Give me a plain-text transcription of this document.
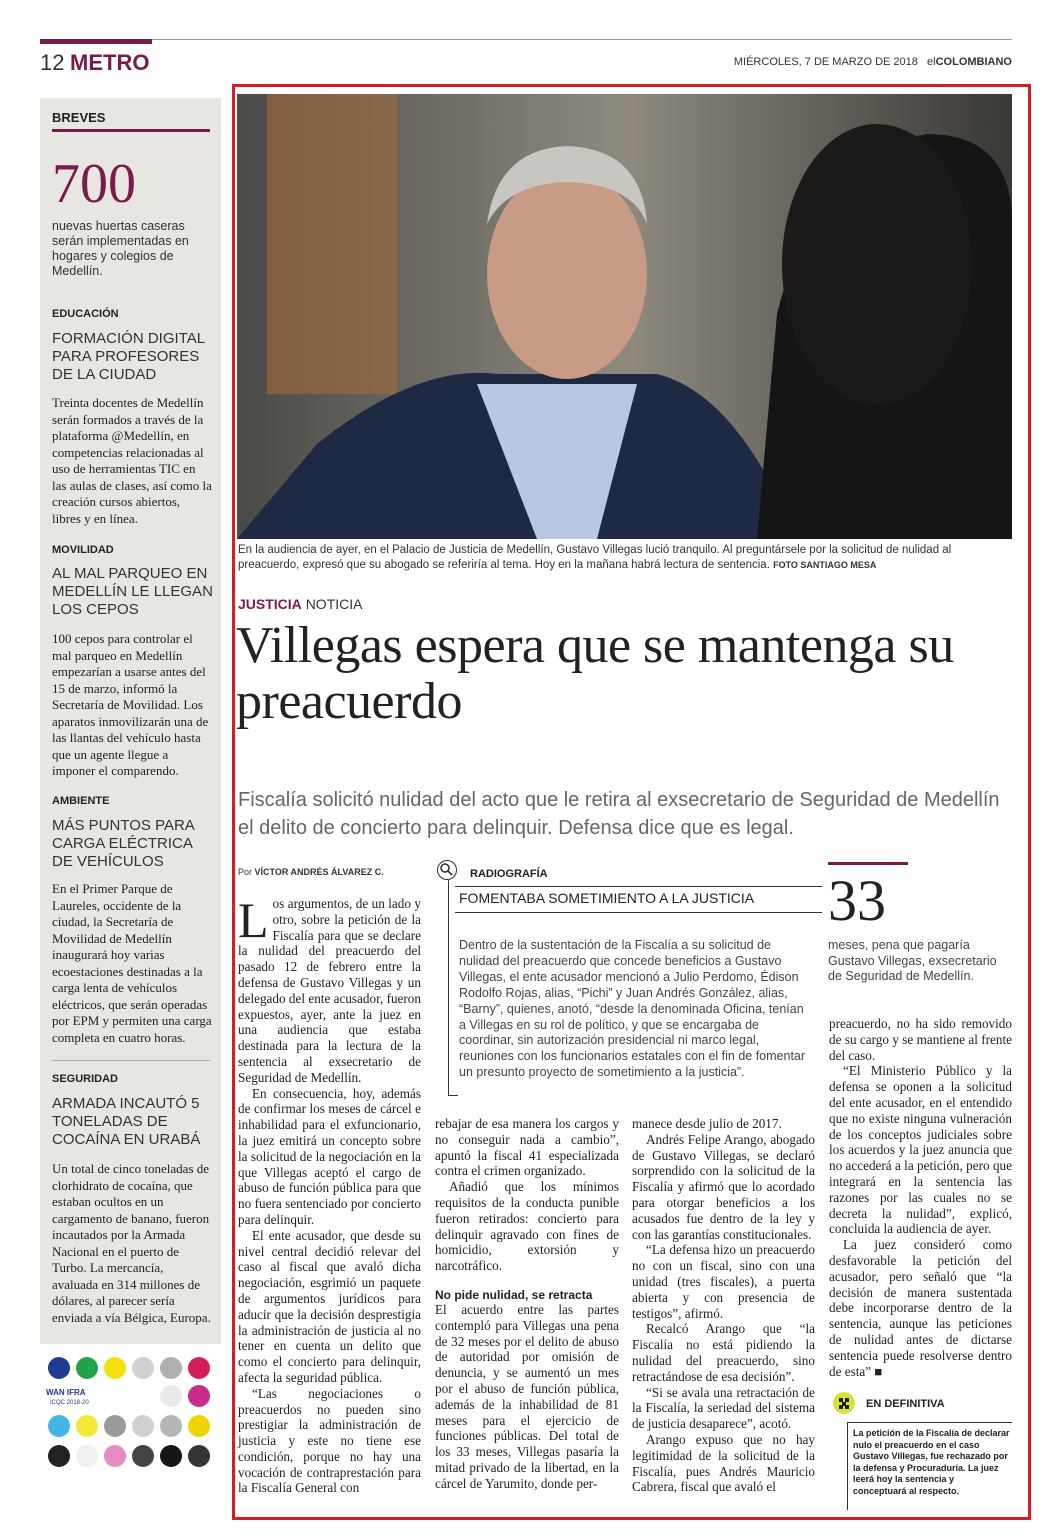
12 METRO	MIÉRCOLES, 7 DE MARZO DE 2018 elCOLOMBIANO
BREVES
700
nuevas huertas caseras serán implementadas en hogares y colegios de Medellín.
EDUCACIÓN
FORMACIÓN DIGITAL PARA PROFESORES DE LA CIUDAD
Treinta docentes de Medellín serán formados a través de la plataforma @Medellín, en competencias relacionadas al uso de herramientas TIC en las aulas de clases, así como la creación cursos abiertos, libres y en línea.
MOVILIDAD
AL MAL PARQUEO EN MEDELLÍN LE LLEGAN LOS CEPOS
100 cepos para controlar el mal parqueo en Medellín empezarían a usarse antes del 15 de marzo, informó la Secretaría de Movilidad. Los aparatos inmovilizarán una de las llantas del vehículo hasta que un agente llegue a imponer el comparendo.
AMBIENTE
MÁS PUNTOS PARA CARGA ELÉCTRICA DE VEHÍCULOS
En el Primer Parque de Laureles, occidente de la ciudad, la Secretaría de Movilidad de Medellín inaugurará hoy varias ecoestaciones destinadas a la carga lenta de vehículos eléctricos, que serán operadas por EPM y permiten una carga completa en cuatro horas.
SEGURIDAD
ARMADA INCAUTÓ 5 TONELADAS DE COCAÍNA EN URABÁ
Un total de cinco toneladas de clorhidrato de cocaína, que estaban ocultos en un cargamento de banano, fueron incautados por la Armada Nacional en el puerto de Turbo. La mercancía, avaluada en 314 millones de dólares, al parecer sería enviada a vía Bélgica, Europa.
WAN IFRA
ICQC 2018-20
En la audiencia de ayer, en el Palacio de Justicia de Medellín, Gustavo Villegas lució tranquilo. Al preguntársele por la solicitud de nulidad al preacuerdo, expresó que su abogado se referiría al tema. Hoy en la mañana habrá lectura de sentencia. FOTO SANTIAGO MESA
JUSTICIA NOTICIA
Villegas espera que se mantenga su preacuerdo
Fiscalía solicitó nulidad del acto que le retira al exsecretario de Seguridad de Medellín el delito de concierto para delinquir. Defensa dice que es legal.
Por VÍCTOR ANDRÉS ÁLVAREZ C.

Los argumentos, de un lado y otro, sobre la petición de la Fiscalía para que se declare la nulidad del preacuerdo del pasado 12 de febrero entre la defensa de Gustavo Villegas y un delegado del ente acusador, fueron expuestos, ayer, ante la juez en una audiencia que estaba destinada para la lectura de la sentencia al exsecretario de Seguridad de Medellín.

En consecuencia, hoy, además de confirmar los meses de cárcel e inhabilidad para el exfuncionario, la juez emitirá un concepto sobre la solicitud de la negociación en la que Villegas aceptó el cargo de abuso de función pública para que no fuera sentenciado por concierto para delinquir.

El ente acusador, que desde su nivel central decidió relevar del caso al fiscal que avaló dicha negociación, esgrimió un paquete de argumentos jurídicos para aducir que la decisión desprestigia la administración de justicia al no tener en cuenta un delito que como el concierto para delinquir, afecta la seguridad pública.

“Las negociaciones o preacuerdos no pueden sino prestigiar la administración de justicia y este no tiene ese condición, porque no hay una vocación de contraprestación para la Fiscalía General con

RADIOGRAFÍA
FOMENTABA SOMETIMIENTO A LA JUSTICIA
Dentro de la sustentación de la Fiscalía a su solicitud de nulidad del preacuerdo que concede beneficios a Gustavo Villegas, el ente acusador mencionó a Julio Perdomo, Édison Rodolfo Rojas, alias, “Pichi” y Juan Andrés González, alias, “Barny”, quienes, anotó, “desde la denominada Oficina, tenían a Villegas en su rol de político, y que se encargaba de coordinar, sin autorización presidencial ni marco legal, reuniones con los funcionarios estatales con el fin de fomentar un presunto proyecto de sometimiento a la justicia”.
33
meses, pena que pagaría Gustavo Villegas, exsecretario de Seguridad de Medellín.

rebajar de esa manera los cargos y no conseguir nada a cambio”, apuntó la fiscal 41 especializada contra el crimen organizado.

Añadió que los mínimos requisitos de la conducta punible fueron retirados: concierto para delinquir agravado con fines de homicidio, extorsión y narcotráfico.

No pide nulidad, se retracta

El acuerdo entre las partes contempló para Villegas una pena de 32 meses por el delito de abuso de autoridad por omisión de denuncia, y se aumentó un mes por el abuso de función pública, además de la inhabilidad de 81 meses para el ejercicio de funciones públicas. Del total de los 33 meses, Villegas pasaría la mitad privado de la libertad, en la cárcel de Yarumito, donde per-

manece desde julio de 2017.

Andrés Felipe Arango, abogado de Gustavo Villegas, se declaró sorprendido con la solicitud de la Fiscalía y afirmó que lo acordado para otorgar beneficios a los acusados fue dentro de la ley y con las garantías constitucionales.

“La defensa hizo un preacuerdo no con un fiscal, sino con una unidad (tres fiscales), a puerta abierta y con presencia de testigos”, afirmó.

Recalcó Arango que “la Fiscalía no está pidiendo la nulidad del preacuerdo, sino retractándose de esa decisión”.

“Si se avala una retractación de la Fiscalía, la seriedad del sistema de justicia desaparece”, acotó.

Arango expuso que no hay legitimidad de la solicitud de la Fiscalía, pues Andrés Mauricio Cabrera, fiscal que avaló el

preacuerdo, no ha sido removido de su cargo y se mantiene al frente del caso.

“El Ministerio Público y la defensa se oponen a la solicitud del ente acusador, en el entendido que no existe ninguna vulneración de los conceptos judiciales sobre los acuerdos y la juez anuncia que no accederá a la petición, pero que integrará en la sentencia las razones por las cuales no se decreta la nulidad”, explicó, concluida la audiencia de ayer.

La juez consideró como desfavorable la petición del acusador, pero señaló que “la decisión de manera sustentada debe incorporarse dentro de la sentencia, aunque las peticiones de nulidad antes de dictarse sentencia puede resolverse dentro de esta” ■

EN DEFINITIVA
La petición de la Fiscalía de declarar nulo el preacuerdo en el caso Gustavo Villegas, fue rechazado por la defensa y Procuraduría. La juez leerá hoy la sentencia y conceptuará al respecto.
